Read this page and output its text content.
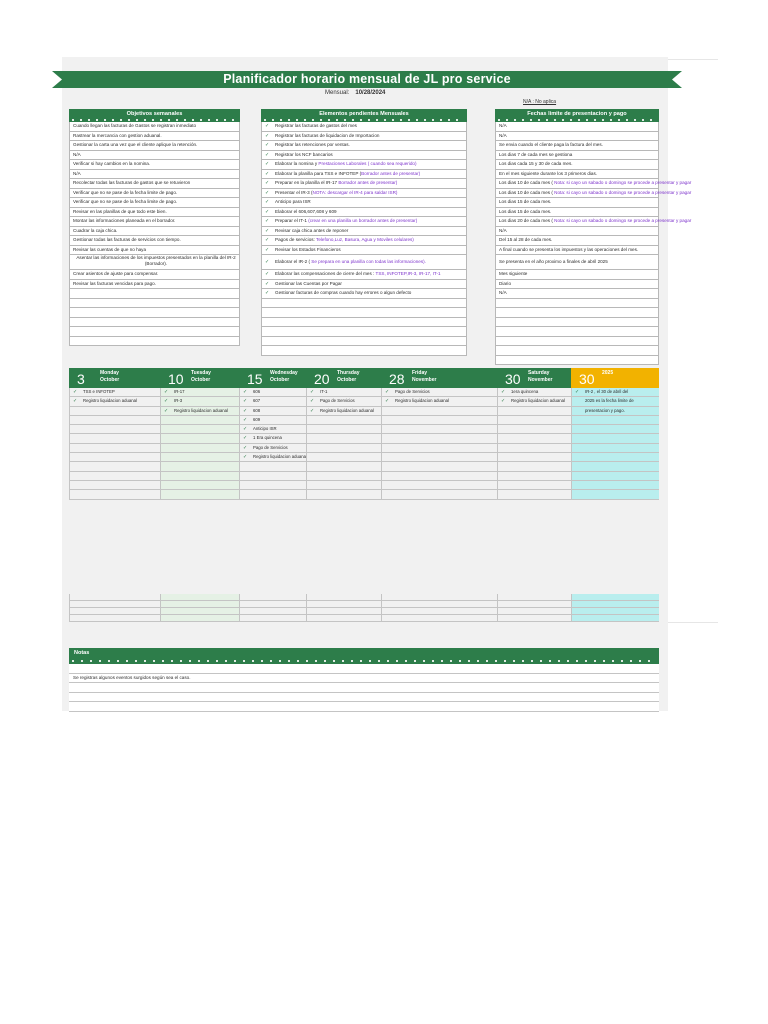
Planificador horario mensual de JL pro service
Mensual: 10/28/2024
N/A : No aplica
Objetivos semanales
Cuando llegan las facturas de Gastos se registran inmediato
Rastrear la mercancia con gestion aduanal.
Gestionar la carta una vez que el cliente aplique la retención.
N/A
Verificar si hay cambios en la nomina.
N/A
Recolectar todas las facturas de gastos que se retuvieron
Verificar que no se pase de la fecha limite de pago.
Verificar que no se pase de la fecha limite de pago.
Revisar en las planillas de que todo este bien.
Montar las informaciones planeada en el borrador.
Cuadrar la caja chica.
Gestionar todas las facturas de servicios con tiempo.
Revisar las cuentas de que no haya
Asentar las informaciones de los impuestos presentados en la planilla del IR-2 (Borrador).
Crear asientos de ajuste para compensar.
Revisar las facturas vencidas para pago.
Elementos pendientes Mensuales
✓ Registrar las facturas de gastos del mes
✓ Registrar las facturas de liquidacion de Importacion
✓ Registrar las retenciones por ventas.
✓ Registrar los NCF bancarios
✓ Elaborar la nomina y Prestaciones Laborales ( cuando sea requerido)
✓ Elaborar la planilla para TSS e INFOTEP (Borrador antes de presentar)
✓ Preparar en la planilla el IR-17 Borrador antes de presentar)
✓ Presentar el IR-3 (NOTA: descargar el IR-4 para saldar ISR)
✓ Anticipo para ISR
✓ Elaborar el 606,607,608 y 609
✓ Preparar el IT-1 (crear en una planilla un borrador antes de presentar)
✓ Revisar caja chica antes de reponer
✓ Pagos de servicios: Telefono,Luz, Basura, Agua y Moviles celulares)
✓ Revisar los Estados Financieros
✓ Elaborar el IR-2 ( Se prepara en una planilla con todas las informaciones).
✓ Elaborar las compensaciones de cierre del mes : TSS, INFOTEP,IR-3, IR-17, IT-1
✓ Gestionar las Cuentas por Pagar
✓ Gestionar facturas de compras cuando hay errores o algun defecto
Fechas limite de presentacion y pago
N/A
N/A
Se envia cuando el cliente paga la factura del mes.
Los dias 7 de cada mes se gestiona
Los dias cada 15 y 30 de cada mes.
En el mes siguiente durante los 3 primeros dias.
Los dias 10 de cada mes ( Nota: si cayo un sabado o domingo se procede a presentar y pagar
Los dias 10 de cada mes ( Nota: si cayo un sabado o domingo se procede a presentar y pagar
Los dias 15 de cada mes.
Los dias 15 de cada mes.
Los dias 20 de cada mes ( Nota: si cayo un sabado o domingo se procede a presentar y pagar
N/A
Del 15 al 28 de cada mes.
A final cuando se presenta los impuestos y las operaciones del mes.
Se presenta en el año proximo a finales de abril 2025
Mes siguiente
Diario
N/A
3	Monday
October
✓ TSS e INFOTEP
✓ Registro liquidacion aduanal
10 Tuesday
October
✓ IR-17
✓ IR-3
✓ Registro liquidacion aduanal
15 Wednesday
October
✓ 606
✓ 607
✓ 608
✓ 609
✓ Anticipo ISR
✓ 1 Era quincena
✓ Pago de Servicios
✓ Registro liquidacion aduanal
20 Thursday
October
✓ IT-1
✓ Pago de Servicios
✓ Registro liquidacion aduanal
28 Friday
November
✓ Pago de Servicios
✓ Registro liquidacion aduanal
30 Saturday
November
✓ 1era quincena
✓ Registro liquidacion aduanal
30 2025
✓ IR-2 , el 30 de abril del
2025 es la fecha limite de
presentacion y pago.
Notas
Se registras algunos eventos surgidos según sea el caso.
